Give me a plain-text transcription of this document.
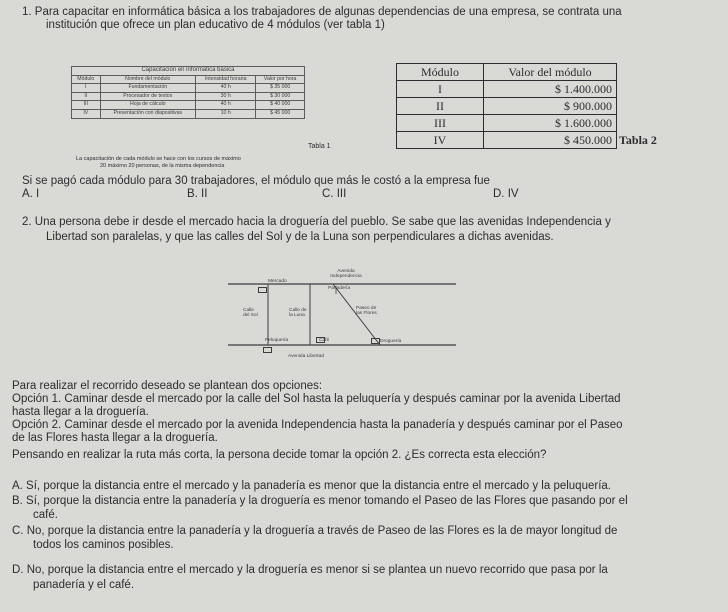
1. Para capacitar en informática básica a los trabajadores de algunas dependencias de una empresa, se contrata una
institución que ofrece un plan educativo de 4 módulos (ver tabla 1)
Capacitación en informática básica			
Módulo	Nombre del módulo	Intensidad horaria	Valor por hora
I	Fundamentación	40 h	$ 35 000
II	Procesador de textos	30 h	$ 30 000
III	Hoja de cálculo	40 h	$ 40 000
IV	Presentación con diapositivas	10 h	$ 45 000
La capacitación de cada módulo se hace con los cursos de máximo
20 máximo 20 personas, de la misma dependencia
Tabla 1
Módulo	Valor del módulo
I	$ 1.400.000
II	$ 900.000
III	$ 1.600.000
IV	$ 450.000 Tabla 2
Si se pagó cada módulo para 30 trabajadores, el módulo que más le costó a la empresa fue
A. I	B. II	C. III	D. IV
2. Una persona debe ir desde el mercado hacia la droguería del pueblo. Se sabe que las avenidas Independencia y
Libertad son paralelas, y que las calles del Sol y de la Luna son perpendiculares a dichas avenidas.
Avenida Independencia
Mercado
Panadería
Calle del Sol
Calle de la Luna
Paseo de las Flores
Peluquería	Café	Droguería
Avenida Libertad
Para realizar el recorrido deseado se plantean dos opciones:
Opción 1. Caminar desde el mercado por la calle del Sol hasta la peluquería y después caminar por la avenida Libertad
hasta llegar a la droguería.
Opción 2. Caminar desde el mercado por la avenida Independencia hasta la panadería y después caminar por el Paseo
de las Flores hasta llegar a la droguería.
Pensando en realizar la ruta más corta, la persona decide tomar la opción 2. ¿Es correcta esta elección?
A. Sí, porque la distancia entre el mercado y la panadería es menor que la distancia entre el mercado y la peluquería.
B. Sí, porque la distancia entre la panadería y la droguería es menor tomando el Paseo de las Flores que pasando por el
café.
C. No, porque la distancia entre la panadería y la droguería a través de Paseo de las Flores es la de mayor longitud de
todos los caminos posibles.
D. No, porque la distancia entre el mercado y la droguería es menor si se plantea un nuevo recorrido que pasa por la
panadería y el café.
